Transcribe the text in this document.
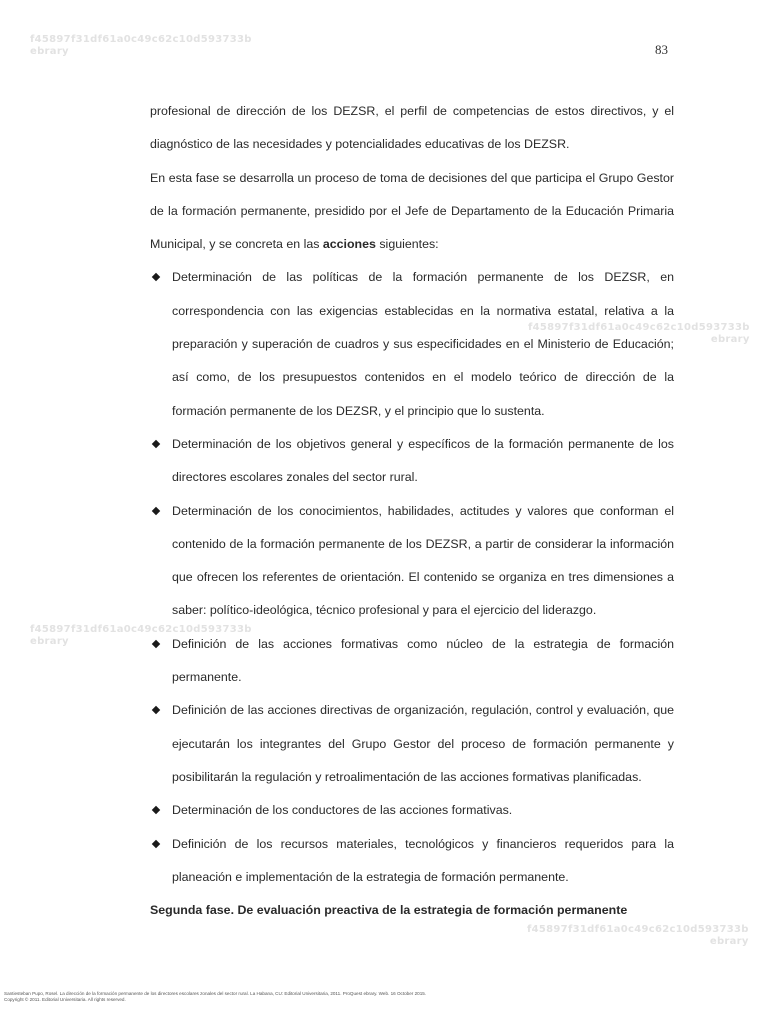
83
f45897f31df61a0c49c62c10d593733b
ebrary
f45897f31df61a0c49c62c10d593733b
ebrary
f45897f31df61a0c49c62c10d593733b
ebrary
f45897f31df61a0c49c62c10d593733b
ebrary

profesional de dirección de los DEZSR, el perfil de competencias de estos directivos, y el diagnóstico de las necesidades y potencialidades educativas de los DEZSR.

En esta fase se desarrolla un proceso de toma de decisiones del que participa el Grupo Gestor de la formación permanente, presidido por el Jefe de Departamento de la Educación Primaria Municipal, y se concreta en las acciones siguientes:

Determinación de las políticas de la formación permanente de los DEZSR, en correspondencia con las exigencias establecidas en la normativa estatal, relativa a la preparación y superación de cuadros y sus especificidades en el Ministerio de Educación; así como, de los presupuestos contenidos en el modelo teórico de dirección de la formación permanente de los DEZSR, y el principio que lo sustenta.
Determinación de los objetivos general y específicos de la formación permanente de los directores escolares zonales del sector rural.
Determinación de los conocimientos, habilidades, actitudes y valores que conforman el contenido de la formación permanente de los DEZSR, a partir de considerar la información que ofrecen los referentes de orientación. El contenido se organiza en tres dimensiones a saber: político-ideológica, técnico profesional y para el ejercicio del liderazgo.
Definición de las acciones formativas como núcleo de la estrategia de formación permanente.
Definición de las acciones directivas de organización, regulación, control y evaluación, que ejecutarán los integrantes del Grupo Gestor del proceso de formación permanente y posibilitarán la regulación y retroalimentación de las acciones formativas planificadas.
Determinación de los conductores de las acciones formativas.
Definición de los recursos materiales, tecnológicos y financieros requeridos para la planeación e implementación de la estrategia de formación permanente.

Segunda fase. De evaluación preactiva de la estrategia de formación permanente

Santiesteban Pupo, Rosel. La dirección de la formación permanente de los directores escolares zonales del sector rural. La Habana, CU: Editorial Universitaria, 2011. ProQuest ebrary. Web. 16 October 2015.
Copyright © 2011. Editorial Universitaria. All rights reserved.
